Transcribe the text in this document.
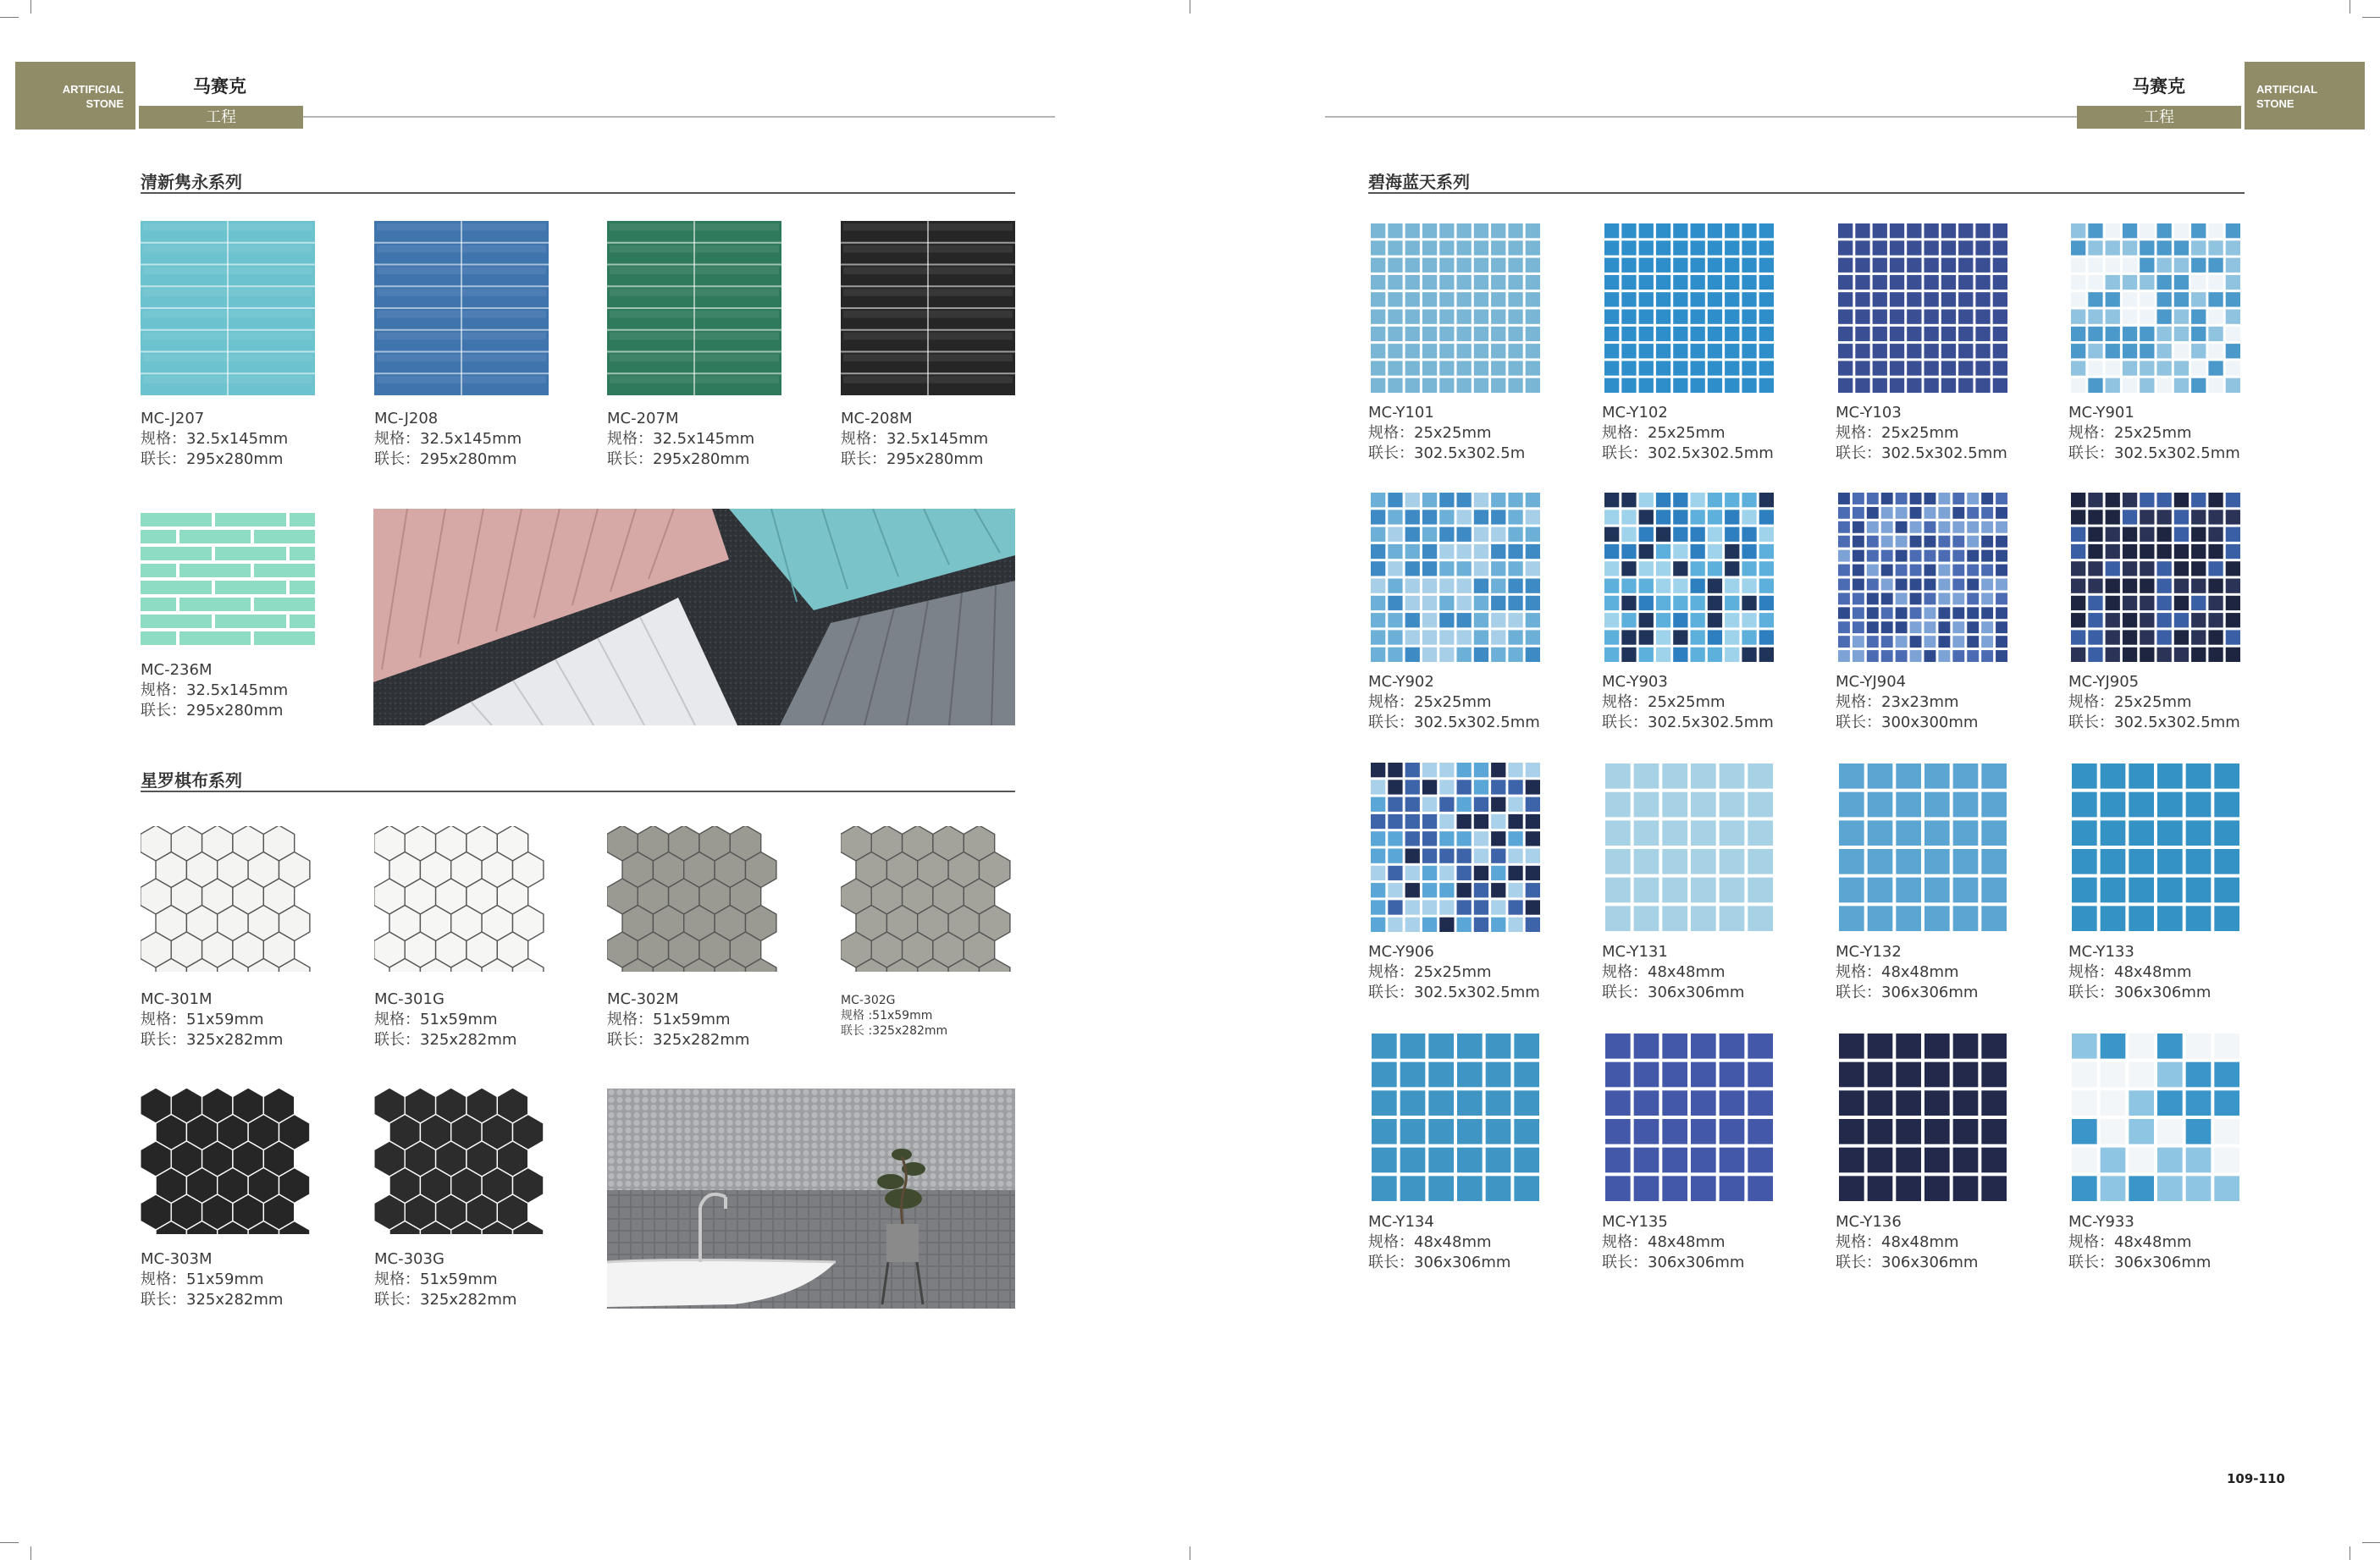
ARTIFICIAL
STONE
马赛克
工程
ARTIFICIAL
STONE
马赛克
工程
清新隽永系列
星罗棋布系列
碧海蓝天系列
MC-J207
规格：32.5x145mm
联长：295x280mm
MC-J208
规格：32.5x145mm
联长：295x280mm
MC-207M
规格：32.5x145mm
联长：295x280mm
MC-208M
规格：32.5x145mm
联长：295x280mm
MC-236M
规格：32.5x145mm
联长：295x280mm
MC-301M
规格：51x59mm
联长：325x282mm
MC-301G
规格：51x59mm
联长：325x282mm
MC-302M
规格：51x59mm
联长：325x282mm
MC-302G
规格 :51x59mm
联长 :325x282mm
MC-303M
规格：51x59mm
联长：325x282mm
MC-303G
规格：51x59mm
联长：325x282mm
MC-Y101
规格：25x25mm
联长：302.5x302.5m
MC-Y102
规格：25x25mm
联长：302.5x302.5mm
MC-Y103
规格：25x25mm
联长：302.5x302.5mm
MC-Y901
规格：25x25mm
联长：302.5x302.5mm
MC-Y902
规格：25x25mm
联长：302.5x302.5mm
MC-Y903
规格：25x25mm
联长：302.5x302.5mm
MC-YJ904
规格：23x23mm
联长：300x300mm
MC-YJ905
规格：25x25mm
联长：302.5x302.5mm
MC-Y906
规格：25x25mm
联长：302.5x302.5mm
MC-Y131
规格：48x48mm
联长：306x306mm
MC-Y132
规格：48x48mm
联长：306x306mm
MC-Y133
规格：48x48mm
联长：306x306mm
MC-Y134
规格：48x48mm
联长：306x306mm
MC-Y135
规格：48x48mm
联长：306x306mm
MC-Y136
规格：48x48mm
联长：306x306mm
MC-Y933
规格：48x48mm
联长：306x306mm
109-110
